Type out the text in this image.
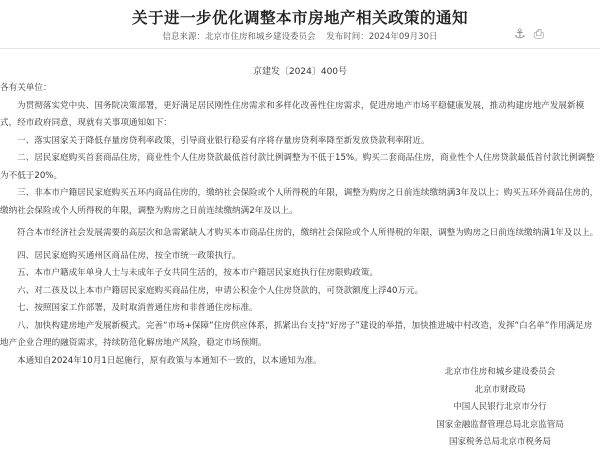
关于进一步优化调整本市房地产相关政策的通知
信息来源：北京市住房和城乡建设委员会 发布时间：2024年09月30日	⚓ ⎙
京建发〔2024〕400号

各有关单位：

为贯彻落实党中央、国务院决策部署，更好满足居民刚性住房需求和多样化改善性住房需求，促进房地产市场平稳健康发展，推动构建房地产发展新模式，经市政府同意，现就有关事项通知如下：

一、落实国家关于降低存量房贷利率政策，引导商业银行稳妥有序将存量房贷利率降至新发放贷款利率附近。

二、居民家庭购买首套商品住房，商业性个人住房贷款最低首付款比例调整为不低于15%。购买二套商品住房，商业性个人住房贷款最低首付款比例调整为不低于20%。

三、非本市户籍居民家庭购买五环内商品住房的，缴纳社会保险或个人所得税的年限，调整为购房之日前连续缴纳满3年及以上；购买五环外商品住房的，缴纳社会保险或个人所得税的年限，调整为购房之日前连续缴纳满2年及以上。

符合本市经济社会发展需要的高层次和急需紧缺人才购买本市商品住房的，缴纳社会保险或个人所得税的年限，调整为购房之日前连续缴纳满1年及以上。

四、居民家庭购买通州区商品住房，按全市统一政策执行。

五、本市户籍成年单身人士与未成年子女共同生活的，按本市户籍居民家庭执行住房限购政策。

六、对二孩及以上本市户籍居民家庭购买商品住房，申请公积金个人住房贷款的，可贷款额度上浮40万元。

七、按照国家工作部署，及时取消普通住房和非普通住房标准。

八、加快构建房地产发展新模式。完善“市场+保障”住房供应体系，抓紧出台支持“好房子”建设的举措，加快推进城中村改造，发挥“白名单”作用满足房地产企业合理的融资需求，持续防范化解房地产风险，稳定市场预期。

本通知自2024年10月1日起施行，原有政策与本通知不一致的，以本通知为准。

北京市住房和城乡建设委员会
北京市财政局
中国人民银行北京市分行
国家金融监督管理总局北京监管局
国家税务总局北京市税务局
